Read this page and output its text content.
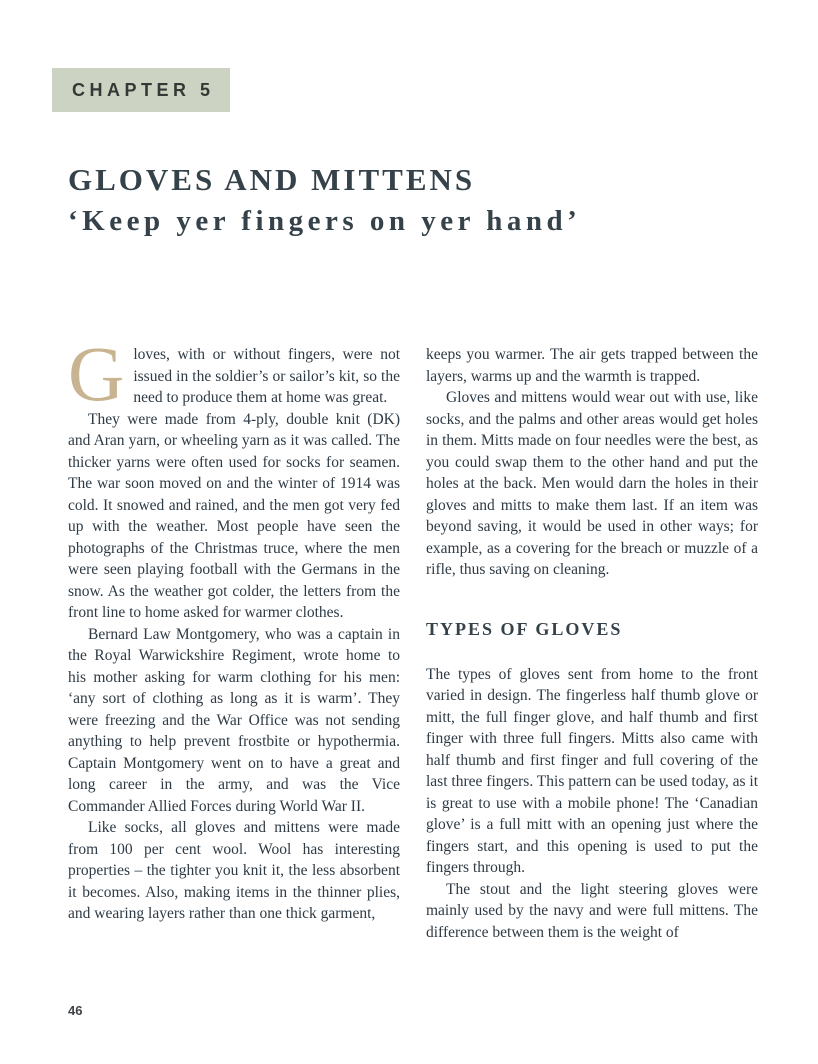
CHAPTER 5
GLOVES AND MITTENS
‘Keep yer fingers on yer hand’

Gloves, with or without fingers, were not issued in the soldier’s or sailor’s kit, so the need to produce them at home was great.

They were made from 4-ply, double knit (DK) and Aran yarn, or wheeling yarn as it was called. The thicker yarns were often used for socks for seamen. The war soon moved on and the winter of 1914 was cold. It snowed and rained, and the men got very fed up with the weather. Most people have seen the photographs of the Christmas truce, where the men were seen playing football with the Germans in the snow. As the weather got colder, the letters from the front line to home asked for warmer clothes.

Bernard Law Montgomery, who was a captain in the Royal Warwickshire Regiment, wrote home to his mother asking for warm clothing for his men: ‘any sort of clothing as long as it is warm’. They were freezing and the War Office was not sending anything to help prevent frostbite or hypothermia. Captain Montgomery went on to have a great and long career in the army, and was the Vice Commander Allied Forces during World War II.

Like socks, all gloves and mittens were made from 100 per cent wool. Wool has interesting properties – the tighter you knit it, the less absorbent it becomes. Also, making items in the thinner plies, and wearing layers rather than one thick garment,

keeps you warmer. The air gets trapped between the layers, warms up and the warmth is trapped.

Gloves and mittens would wear out with use, like socks, and the palms and other areas would get holes in them. Mitts made on four needles were the best, as you could swap them to the other hand and put the holes at the back. Men would darn the holes in their gloves and mitts to make them last. If an item was beyond saving, it would be used in other ways; for example, as a covering for the breach or muzzle of a rifle, thus saving on cleaning.

TYPES OF GLOVES

The types of gloves sent from home to the front varied in design. The fingerless half thumb glove or mitt, the full finger glove, and half thumb and first finger with three full fingers. Mitts also came with half thumb and first finger and full covering of the last three fingers. This pattern can be used today, as it is great to use with a mobile phone! The ‘Canadian glove’ is a full mitt with an opening just where the fingers start, and this opening is used to put the fingers through.

The stout and the light steering gloves were mainly used by the navy and were full mittens. The difference between them is the weight of

46
